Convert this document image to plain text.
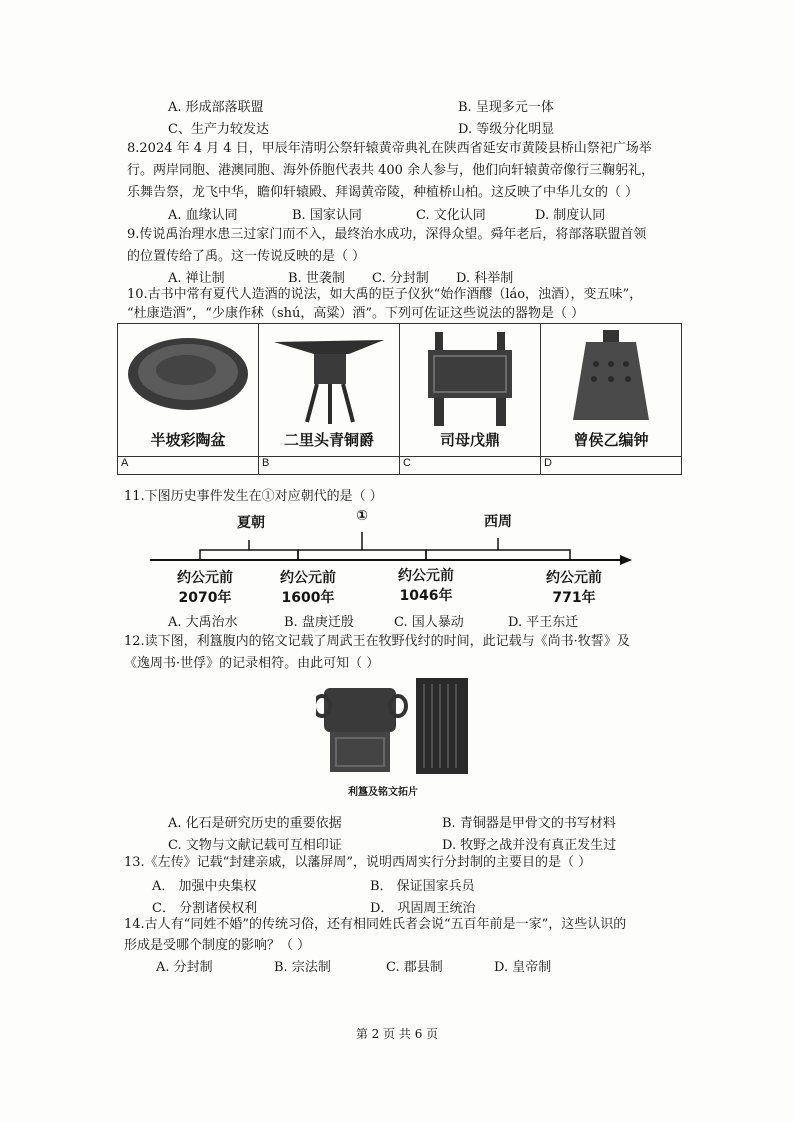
A. 形成部落联盟	B. 呈现多元一体
C、生产力较发达	D. 等级分化明显
8.2024 年 4 月 4 日，甲辰年清明公祭轩辕黄帝典礼在陕西省延安市黄陵县桥山祭祀广场举
行。两岸同胞、港澳同胞、海外侨胞代表共 400 余人参与，他们向轩辕黄帝像行三鞠躬礼，
乐舞告祭，龙飞中华，瞻仰轩辕殿、拜谒黄帝陵，种植桥山柏。这反映了中华儿女的（ ）
A. 血缘认同	B. 国家认同	C. 文化认同	D. 制度认同
9.传说禹治理水患三过家门而不入，最终治水成功，深得众望。舜年老后，将部落联盟首领
的位置传给了禹。这一传说反映的是（ ）
A. 禅让制	B. 世袭制 C. 分封制 D. 科举制
10.古书中常有夏代人造酒的说法，如大禹的臣子仪狄“始作酒醪（láo，浊酒），变五味”，
“杜康造酒”，“少康作秫（shú，高粱）酒”。下列可佐证这些说法的器物是（ ）
半坡彩陶盆	二里头青铜爵	司母戊鼎	曾侯乙编钟

A	B	C	D
11.下图历史事件发生在①对应朝代的是（ ）
夏朝	①	西周
约公元前
2070年
约公元前
1600年
约公元前
1046年
约公元前
771年
A. 大禹治水	B. 盘庚迁殷	C. 国人暴动	D. 平王东迁
12.读下图，利簋腹内的铭文记载了周武王在牧野伐纣的时间，此记载与《尚书·牧誓》及
《逸周书·世俘》的记录相符。由此可知（ ）
利簋及铭文拓片
A. 化石是研究历史的重要依据	B. 青铜器是甲骨文的书写材料
C. 文物与文献记载可互相印证	D. 牧野之战并没有真正发生过
13.《左传》记载“封建亲戚，以藩屏周”，说明西周实行分封制的主要目的是（ ）
A． 加强中央集权	B． 保证国家兵员
C． 分割诸侯权利	D． 巩固周王统治
14.古人有“同姓不婚”的传统习俗，还有相同姓氏者会说“五百年前是一家”，这些认识的
形成是受哪个制度的影响？（ ）
A. 分封制	B. 宗法制	C. 郡县制	D. 皇帝制
第 2 页 共 6 页
